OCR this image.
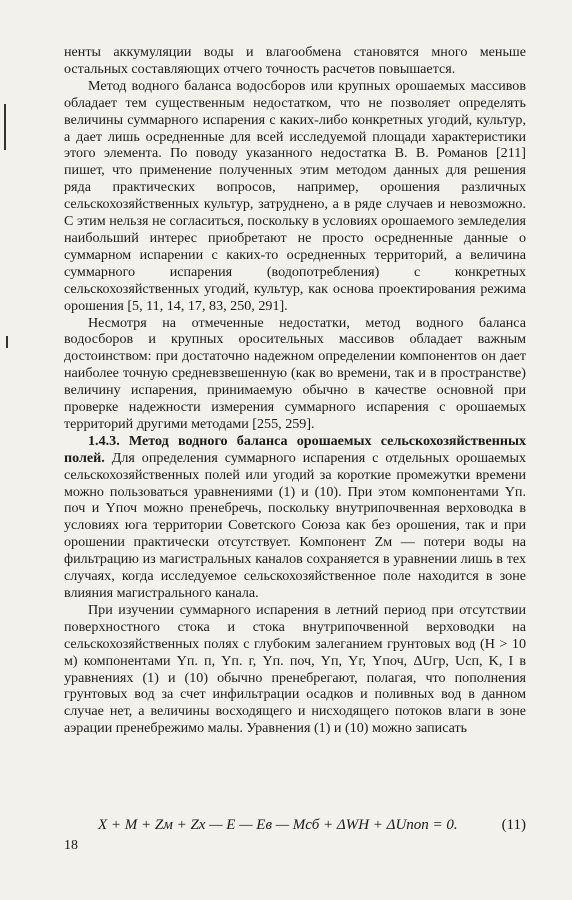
ненты аккумуляции воды и влагообмена становятся много меньше остальных составляющих отчего точность расчетов повышается.

Метод водного баланса водосборов или крупных орошаемых массивов обладает тем существенным недостатком, что не позволяет определять величины суммарного испарения с каких-либо конкретных угодий, культур, а дает лишь осредненные для всей исследуемой площади характеристики этого элемента. По поводу указанного недостатка В. В. Романов [211] пишет, что применение полученных этим методом данных для решения ряда практических вопросов, например, орошения различных сельскохозяйственных культур, затруднено, а в ряде случаев и невозможно. С этим нельзя не согласиться, поскольку в условиях орошаемого земледелия наибольший интерес приобретают не просто осредненные данные о суммарном испарении с каких-то осредненных территорий, а величина суммарного испарения (водопотребления) с конкретных сельскохозяйственных угодий, культур, как основа проектирования режима орошения [5, 11, 14, 17, 83, 250, 291].

Несмотря на отмеченные недостатки, метод водного баланса водосборов и крупных оросительных массивов обладает важным достоинством: при достаточно надежном определении компонентов он дает наиболее точную средневзвешенную (как во времени, так и в пространстве) величину испарения, принимаемую обычно в качестве основной при проверке надежности измерения суммарного испарения с орошаемых территорий другими методами [255, 259].

1.4.3. Метод водного баланса орошаемых сельскохозяйственных полей. Для определения суммарного испарения с отдельных орошаемых сельскохозяйственных полей или угодий за короткие промежутки времени можно пользоваться уравнениями (1) и (10). При этом компонентами Yп. поч и Yпоч можно пренебречь, поскольку внутрипочвенная верховодка в условиях юга территории Советского Союза как без орошения, так и при орошении практически отсутствует. Компонент Zм — потери воды на фильтрацию из магистральных каналов сохраняется в уравнении лишь в тех случаях, когда исследуемое сельскохозяйственное поле находится в зоне влияния магистрального канала.

При изучении суммарного испарения в летний период при отсутствии поверхностного стока и стока внутрипочвенной верховодки на сельскохозяйственных полях с глубоким залеганием грунтовых вод (H > 10 м) компонентами Yп. п, Yп. г, Yп. поч, Yп, Yг, Yпоч, ΔUгр, Uсп, K, I в уравнениях (1) и (10) обычно пренебрегают, полагая, что пополнения грунтовых вод за счет инфильтрации осадков и поливных вод в данном случае нет, а величины восходящего и нисходящего потоков влаги в зоне аэрации пренебрежимо малы. Уравнения (1) и (10) можно записать

X + M + Zм + Zх — E — Eв — Mсб + ΔWH + ΔUпоп = 0.	(11)
18
